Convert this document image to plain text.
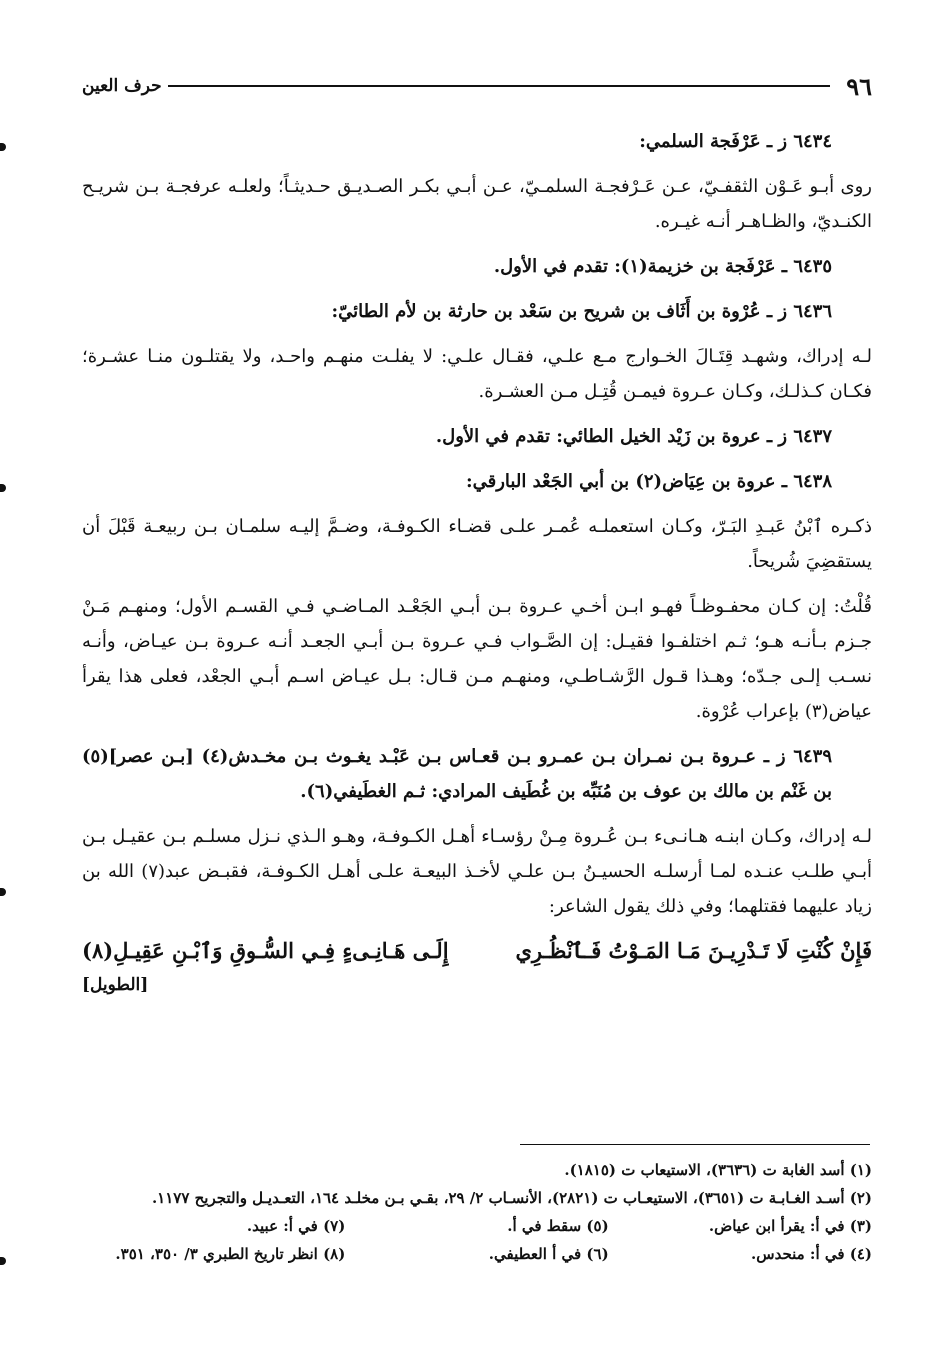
٩٦
حرف العين

٦٤٣٤ ز ـ عَرْفَجة السلمي:

روى أبـو عَـوْن الثقفـيّ، عـن عَـرْفجـة السلمـيّ، عـن أبـي بكـر الصـديـق حـديثـاً؛ ولعلـه عرفجـة بـن شريـح الكنـديّ، والظـاهـر أنـه غيـره.

٦٤٣٥ ـ عَرْفَجة بن خزيمة(١): تقدم في الأول.

٦٤٣٦ ز ـ عُرْوة بن أَثَاف بن شريح بن سَعْد بن حارثة بن لأم الطائيّ:

لـه إدراك، وشهـد قِتَـالَ الخـوارج مـع علـي، فقـال علـي: لا يفلـت منهـم واحـد، ولا يقتلـون منـا عشـرة؛ فكـان كـذلـك، وكـان عـروة فيمـن قُتِـل مـن العشـرة.

٦٤٣٧ ز ـ عروة بن زَيْد الخيل الطائي: تقدم في الأول.

٦٤٣٨ ـ عروة بن عِيَاض(٢) بن أبي الجَعْد البارقي:

ذكـره ٱبْنُ عَبـدِ البَـرّ، وكـان استعملـه عُمـر علـى قضـاء الكـوفـة، وضـمَّ إليـه سلمـان بـن ربيعـة قَبْلَ أن يستقضِيَ شُريحاً.

قُلْتُ: إن كـان محفـوظـاً فهـو ابـن أخـي عـروة بـن أبـي الجَعْـد المـاضـي فـي القسـم الأول؛ ومنهـم مَـنْ جـزم بـأنـه هـو؛ ثـم اختلفـوا فقيـل: إن الصَّـواب فـي عـروة بـن أبـي الجعـد أنـه عـروة بـن عيـاض، وأنـه نسـب إلـى جـدّه؛ وهـذا قـول الرَّشـاطـي، ومنهـم مـن قـال: بـل عيـاض اسـم أبـي الجعْد، فعلى هذا يقرأ عياض(٣) بإعراب عُرْوة.

٦٤٣٩ ز ـ عـروة بـن نمـران بـن عمـرو بـن قعـاس بـن عَبْـد يغـوث بـن مخـدش(٤) [بـن عصر](٥) بن غَنْم بن مالك بن عوف بن مُنَبِّه بن غُطَيف المرادي: ثـم الغطَيفي(٦).

لـه إدراك، وكـان ابنـه هـانـىء بـن عُـروة مِـنْ رؤسـاء أهـل الكـوفـة، وهـو الـذي نـزل مسلـم بـن عقيـل بـن أبـي طلـب عنـده لمـا أرسلـه الحسيـنُ بـن علـي لأخـذ البيعـة علـى أهـل الكـوفـة، فقبـض عبد(٧) الله بن زياد عليهما فقتلهما؛ وفي ذلك يقول الشاعر:

فَإِنْ كُنْتِ لَا تَـدْرِيـنَ مَـا المَـوْتُ فَـٱنْظُـرِي
إِلَـى هَـانِـىءٍ فِـي السُّـوقِ وَٱبْـنِ عَقِيـلِ(٨)
[الطويل]

(١) أسد الغابة ت (٣٦٣٦)، الاستيعاب ت (١٨١٥).

(٢) أسـد الغـابـة ت (٣٦٥١)، الاستيعـاب ت (٢٨٢١)، الأنسـاب ٢/ ٢٩، بقـي بـن مخلـد ١٦٤، التعـديـل والتجريح ١١٧٧.

(٣) في أ: يقرأ ابن عياض.
(٥) سقط في أ.
(٧) في أ: عبيد.
(٤) في أ: منحدس.
(٦) في أ العطيفي.
(٨) انظر تاريخ الطبري ٣/ ٣٥٠، ٣٥١.
